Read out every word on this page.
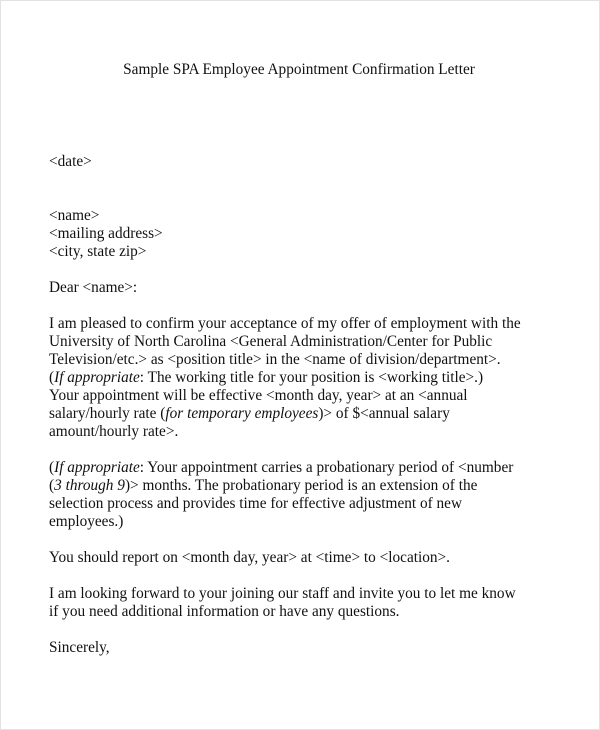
Sample SPA Employee Appointment Confirmation Letter

<date>

<name>
<mailing address>
<city, state zip>

Dear <name>:

I am pleased to confirm your acceptance of my offer of employment with the
University of North Carolina <General Administration/Center for Public
Television/etc.> as <position title> in the <name of division/department>.
(If appropriate: The working title for your position is <working title>.)
Your appointment will be effective <month day, year> at an <annual
salary/hourly rate (for temporary employees)> of $<annual salary
amount/hourly rate>.
(If appropriate: Your appointment carries a probationary period of <number
(3 through 9)> months. The probationary period is an extension of the
selection process and provides time for effective adjustment of new
employees.)

You should report on <month day, year> at <time> to <location>.

I am looking forward to your joining our staff and invite you to let me know
if you need additional information or have any questions.

Sincerely,
